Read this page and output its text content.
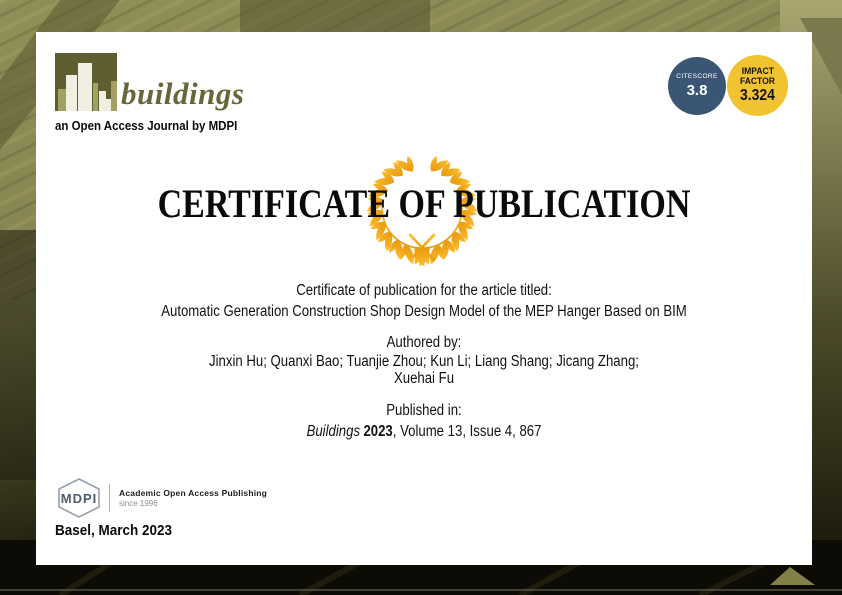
buildings
an Open Access Journal by MDPI
CITESCORE
3.8
IMPACT
FACTOR
3.324
CERTIFICATE OF PUBLICATION
Certificate of publication for the article titled:
Automatic Generation Construction Shop Design Model of the MEP Hanger Based on BIM
Authored by:
Jinxin Hu; Quanxi Bao; Tuanjie Zhou; Kun Li; Liang Shang; Jicang Zhang;
Xuehai Fu
Published in:
Buildings 2023, Volume 13, Issue 4, 867
MDPI	Academic Open Access Publishing
since 1996
Basel, March 2023
